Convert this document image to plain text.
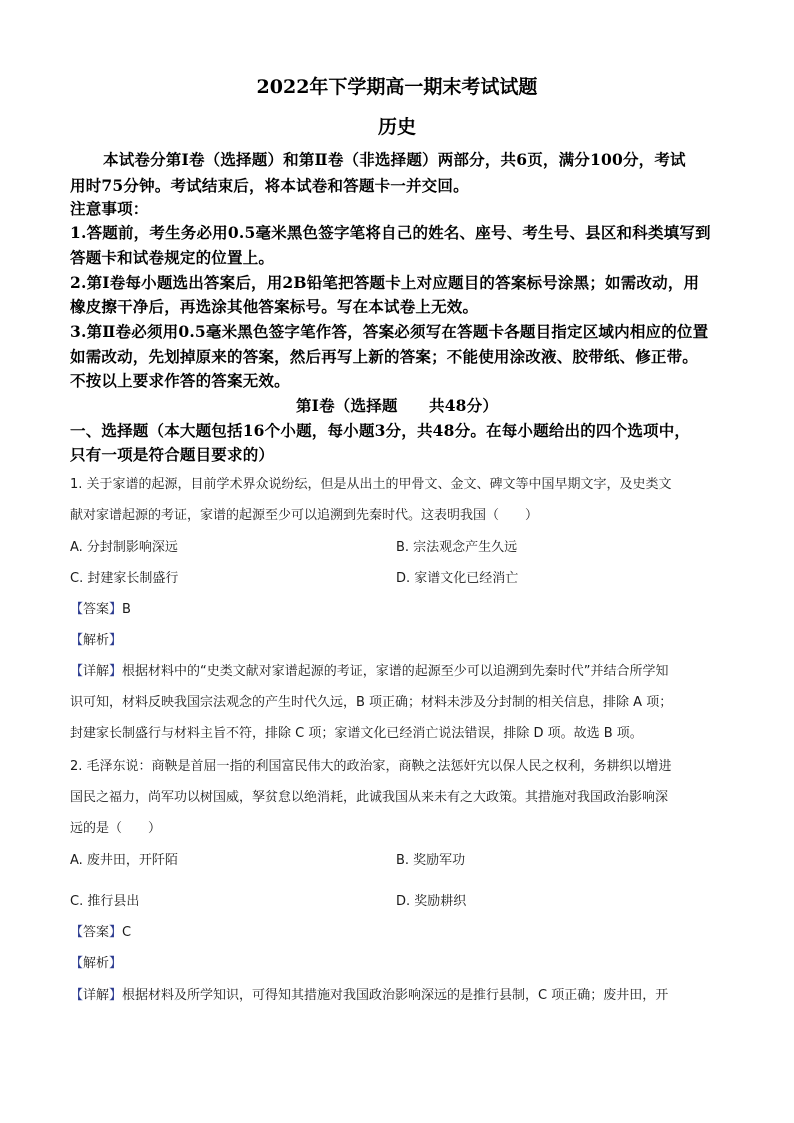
2022年下学期高一期末考试试题
历史
本试卷分第Ⅰ卷（选择题）和第Ⅱ卷（非选择题）两部分，共6页，满分100分，考试
用时75分钟。考试结束后，将本试卷和答题卡一并交回。
注意事项：
1.答题前，考生务必用0.5毫米黑色签字笔将自己的姓名、座号、考生号、县区和科类填写到
答题卡和试卷规定的位置上。
2.第Ⅰ卷每小题选出答案后，用2B铅笔把答题卡上对应题目的答案标号涂黑；如需改动，用
橡皮擦干净后，再选涂其他答案标号。写在本试卷上无效。
3.第Ⅱ卷必须用0.5毫米黑色签字笔作答，答案必须写在答题卡各题目指定区域内相应的位置
如需改动，先划掉原来的答案，然后再写上新的答案；不能使用涂改液、胶带纸、修正带。
不按以上要求作答的答案无效。
第Ⅰ卷（选择题　　共48分）
一、选择题（本大题包括16个小题，每小题3分，共48分。在每小题给出的四个选项中，
只有一项是符合题目要求的）
1. 关于家谱的起源，目前学术界众说纷纭，但是从出土的甲骨文、金文、碑文等中国早期文字，及史类文
献对家谱起源的考证，家谱的起源至少可以追溯到先秦时代。这表明我国（　　）
A. 分封制影响深远	B. 宗法观念产生久远
C. 封建家长制盛行	D. 家谱文化已经消亡
【答案】B
【解析】
【详解】根据材料中的“史类文献对家谱起源的考证，家谱的起源至少可以追溯到先秦时代”并结合所学知
识可知，材料反映我国宗法观念的产生时代久远，B 项正确；材料未涉及分封制的相关信息，排除 A 项；
封建家长制盛行与材料主旨不符，排除 C 项；家谱文化已经消亡说法错误，排除 D 项。故选 B 项。
2. 毛泽东说：商鞅是首屈一指的利国富民伟大的政治家，商鞅之法惩奸宄以保人民之权利，务耕织以增进
国民之福力，尚军功以树国威，孥贫怠以绝消耗，此诚我国从来未有之大政策。其措施对我国政治影响深
远的是（　　）
A. 废井田，开阡陌	B. 奖励军功
C. 推行县出	D. 奖励耕织
【答案】C
【解析】
【详解】根据材料及所学知识，可得知其措施对我国政治影响深远的是推行县制，C 项正确；废井田，开
